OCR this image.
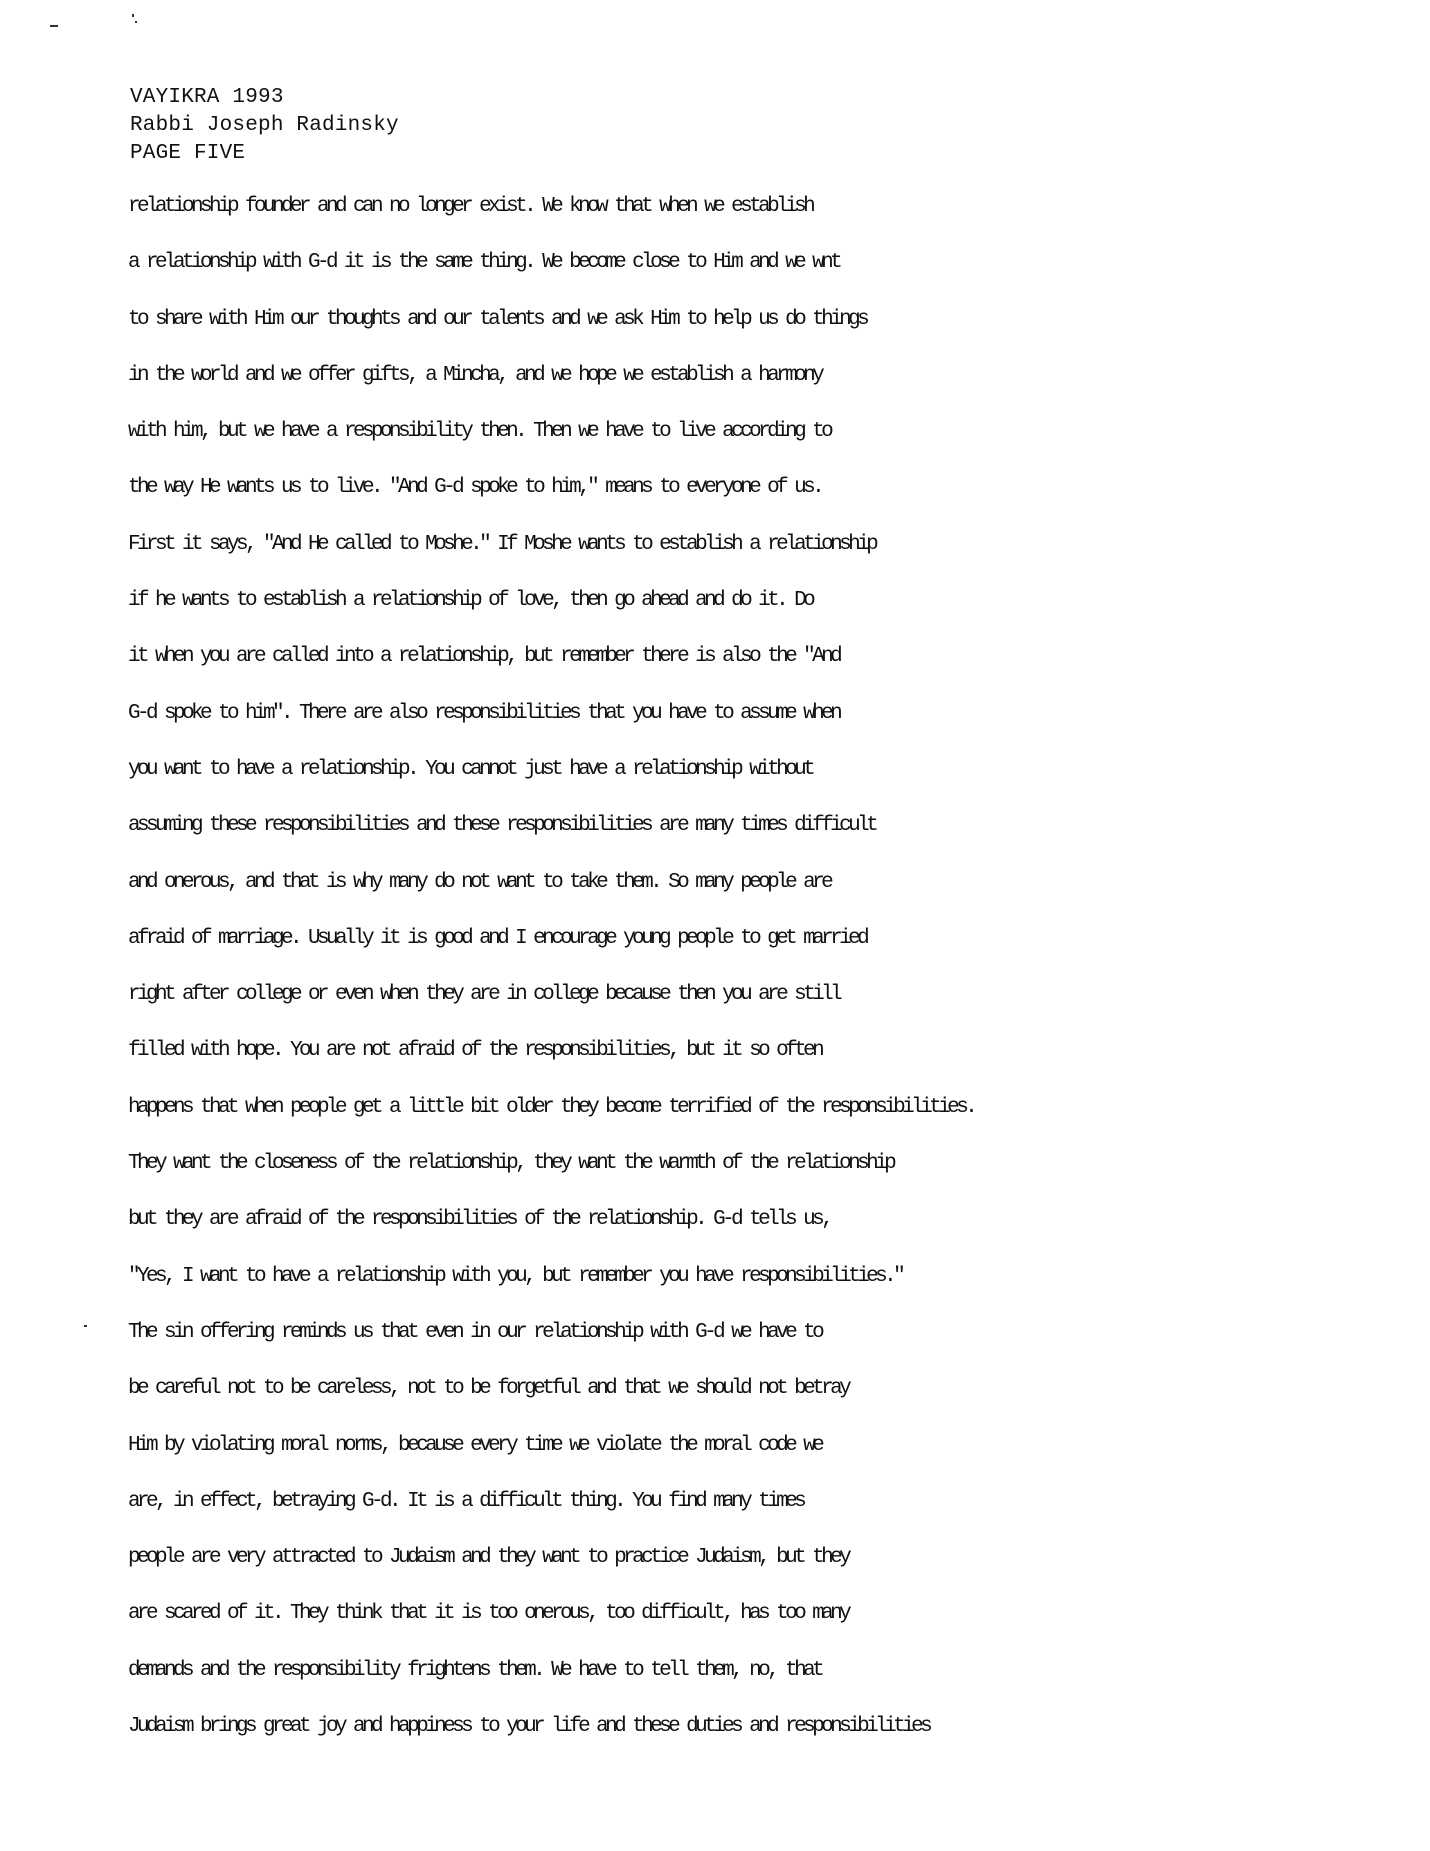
VAYIKRA 1993
Rabbi Joseph Radinsky
PAGE FIVE
relationship founder and can no longer exist. We know that when we establish
a relationship with G-d it is the same thing. We become close to Him and we wnt
to share with Him our thoughts and our talents and we ask Him to help us do things
in the world and we offer gifts, a Mincha, and we hope we establish a harmony
with him, but we have a responsibility then. Then we have to live according to
the way He wants us to live. "And G-d spoke to him," means to everyone of us.
First it says, "And He called to Moshe." If Moshe wants to establish a relationship
if he wants to establish a relationship of love, then go ahead and do it. Do
it when you are called into a relationship, but remember there is also the "And
G-d spoke to him". There are also responsibilities that you have to assume when
you want to have a relationship. You cannot just have a relationship without
assuming these responsibilities and these responsibilities are many times difficult
and onerous, and that is why many do not want to take them. So many people are
afraid of marriage. Usually it is good and I encourage young people to get married
right after college or even when they are in college because then you are still
filled with hope. You are not afraid of the responsibilities, but it so often
happens that when people get a little bit older they become terrified of the responsibilities.
They want the closeness of the relationship, they want the warmth of the relationship
but they are afraid of the responsibilities of the relationship. G-d tells us,
"Yes, I want to have a relationship with you, but remember you have responsibilities."
The sin offering reminds us that even in our relationship with G-d we have to
be careful not to be careless, not to be forgetful and that we should not betray
Him by violating moral norms, because every time we violate the moral code we
are, in effect, betraying G-d. It is a difficult thing. You find many times
people are very attracted to Judaism and they want to practice Judaism, but they
are scared of it. They think that it is too onerous, too difficult, has too many
demands and the responsibility frightens them. We have to tell them, no, that
Judaism brings great joy and happiness to your life and these duties and responsibilities
